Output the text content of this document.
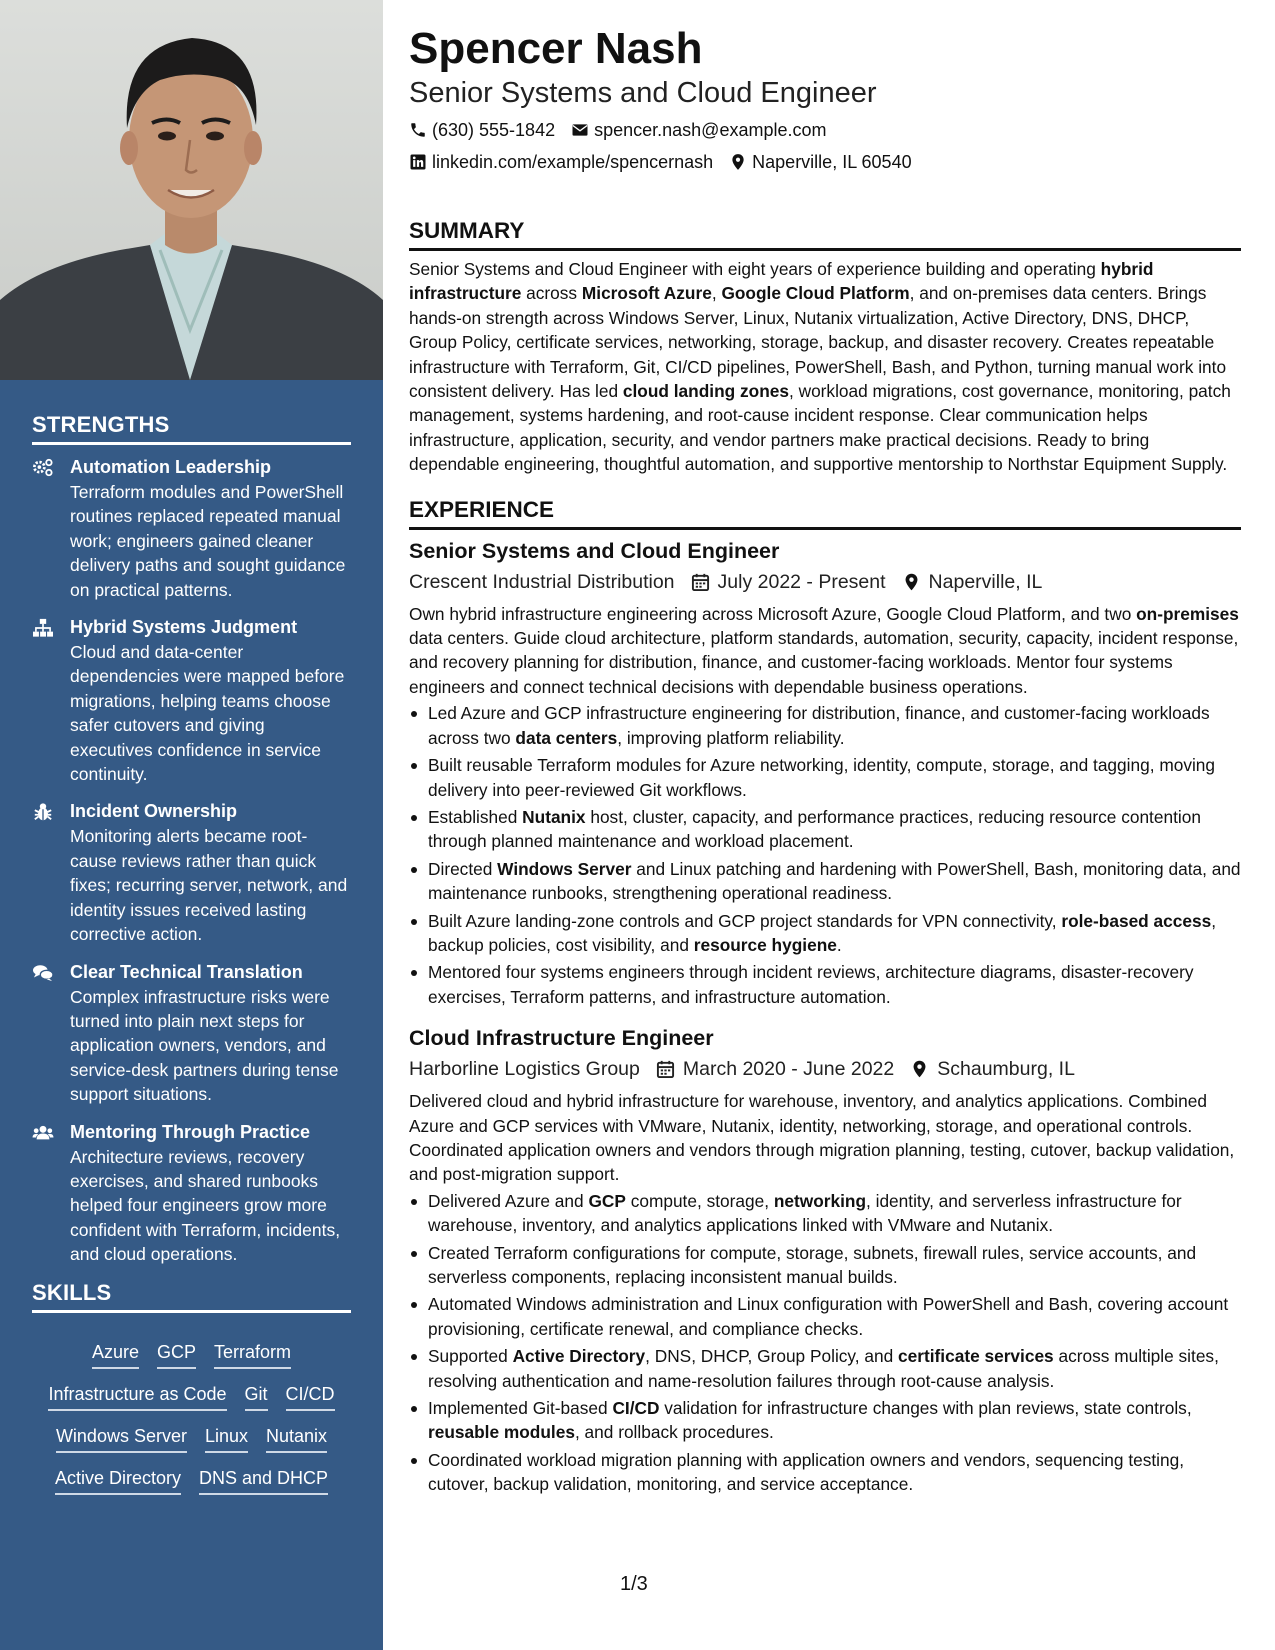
STRENGTHS
Automation Leadership
Terraform modules and PowerShell routines replaced repeated manual work; engineers gained cleaner delivery paths and sought guidance on practical patterns.
Hybrid Systems Judgment
Cloud and data-center dependencies were mapped before migrations, helping teams choose safer cutovers and giving executives confidence in service continuity.
Incident Ownership
Monitoring alerts became root-cause reviews rather than quick fixes; recurring server, network, and identity issues received lasting corrective action.
Clear Technical Translation
Complex infrastructure risks were turned into plain next steps for application owners, vendors, and service-desk partners during tense support situations.
Mentoring Through Practice
Architecture reviews, recovery exercises, and shared runbooks helped four engineers grow more confident with Terraform, incidents, and cloud operations.
SKILLS
Azure GCP Terraform
Infrastructure as Code Git CI/CD
Windows Server Linux Nutanix
Active Directory DNS and DHCP
Spencer Nash
Senior Systems and Cloud Engineer
(630) 555-1842 spencer.nash@example.com
linkedin.com/example/spencernash Naperville, IL 60540
SUMMARY

Senior Systems and Cloud Engineer with eight years of experience building and operating hybrid infrastructure across Microsoft Azure, Google Cloud Platform, and on-premises data centers. Brings hands-on strength across Windows Server, Linux, Nutanix virtualization, Active Directory, DNS, DHCP, Group Policy, certificate services, networking, storage, backup, and disaster recovery. Creates repeatable infrastructure with Terraform, Git, CI/CD pipelines, PowerShell, Bash, and Python, turning manual work into consistent delivery. Has led cloud landing zones, workload migrations, cost governance, monitoring, patch management, systems hardening, and root-cause incident response. Clear communication helps infrastructure, application, security, and vendor partners make practical decisions. Ready to bring dependable engineering, thoughtful automation, and supportive mentorship to Northstar Equipment Supply.

EXPERIENCE
Senior Systems and Cloud Engineer
Crescent Industrial Distribution July 2022 - Present Naperville, IL

Own hybrid infrastructure engineering across Microsoft Azure, Google Cloud Platform, and two on-premises data centers. Guide cloud architecture, platform standards, automation, security, capacity, incident response, and recovery planning for distribution, finance, and customer-facing workloads. Mentor four systems engineers and connect technical decisions with dependable business operations.

Led Azure and GCP infrastructure engineering for distribution, finance, and customer-facing workloads across two data centers, improving platform reliability.
Built reusable Terraform modules for Azure networking, identity, compute, storage, and tagging, moving delivery into peer-reviewed Git workflows.
Established Nutanix host, cluster, capacity, and performance practices, reducing resource contention through planned maintenance and workload placement.
Directed Windows Server and Linux patching and hardening with PowerShell, Bash, monitoring data, and maintenance runbooks, strengthening operational readiness.
Built Azure landing-zone controls and GCP project standards for VPN connectivity, role-based access, backup policies, cost visibility, and resource hygiene.
Mentored four systems engineers through incident reviews, architecture diagrams, disaster-recovery exercises, Terraform patterns, and infrastructure automation.
Cloud Infrastructure Engineer
Harborline Logistics Group March 2020 - June 2022 Schaumburg, IL

Delivered cloud and hybrid infrastructure for warehouse, inventory, and analytics applications. Combined Azure and GCP services with VMware, Nutanix, identity, networking, storage, and operational controls. Coordinated application owners and vendors through migration planning, testing, cutover, backup validation, and post-migration support.

Delivered Azure and GCP compute, storage, networking, identity, and serverless infrastructure for warehouse, inventory, and analytics applications linked with VMware and Nutanix.
Created Terraform configurations for compute, storage, subnets, firewall rules, service accounts, and serverless components, replacing inconsistent manual builds.
Automated Windows administration and Linux configuration with PowerShell and Bash, covering account provisioning, certificate renewal, and compliance checks.
Supported Active Directory, DNS, DHCP, Group Policy, and certificate services across multiple sites, resolving authentication and name-resolution failures through root-cause analysis.
Implemented Git-based CI/CD validation for infrastructure changes with plan reviews, state controls, reusable modules, and rollback procedures.
Coordinated workload migration planning with application owners and vendors, sequencing testing, cutover, backup validation, monitoring, and service acceptance.
1/3
